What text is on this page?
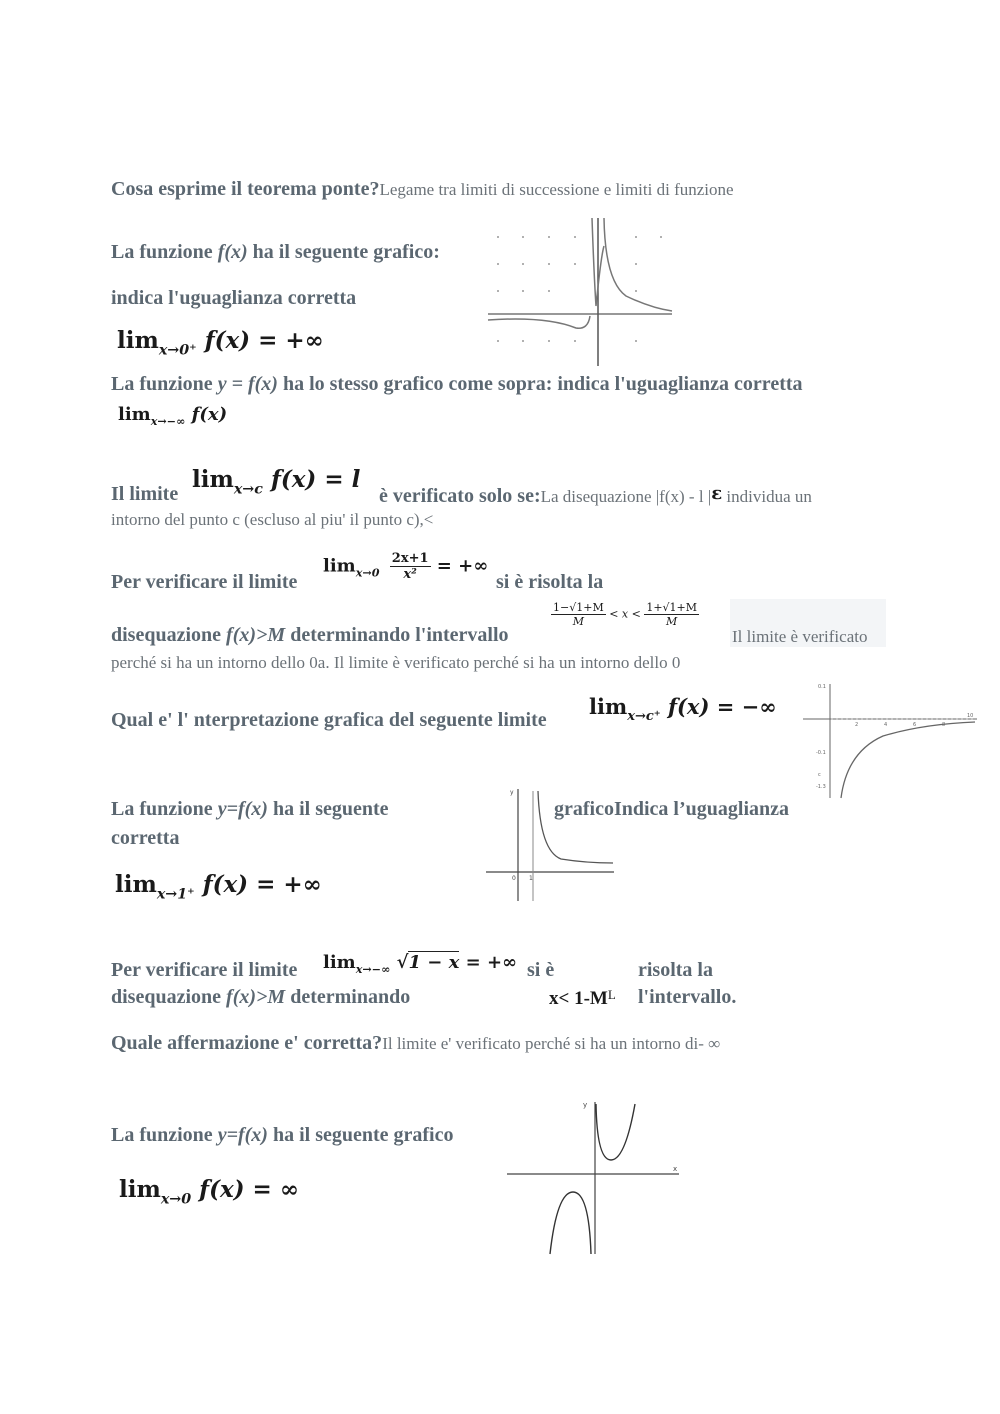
Cosa esprime il teorema ponte?Legame tra limiti di successione e limiti di funzione
La funzione f(x) ha il seguente grafico:
indica l'uguaglianza corretta
$\lim_{x\to 0^+} f(x)$ = +∞
La funzione y = f(x) ha lo stesso grafico come sopra: indica l'uguaglianza corretta
$\lim_{x\to-\infty} f(x)$
Il limite
$\lim_{x\to c} f(x) = l$
è verificato solo se:La disequazione |f(x) - l |ε individua un
intorno del punto c (escluso al piu' il punto c),<
Per verificare il limite
$\lim_{x\to 0} \frac{2x+1}{\text{x²}}$ = +∞
si è risolta la
disequazione f(x)>M determinando l'intervallo
$\frac{1-√1+M}{M} < x < \frac{1+√1+M}{M}$
Il limite è verificato
perché si ha un intorno dello 0a. Il limite è verificato perché si ha un intorno dello 0
Qual e' l' nterpretazione grafica del seguente limite
$\lim_{x\to c^+} f(x)$ = −∞
0.1
-0.1
c
-1.3
2	4	6	8
10
La funzione y=f(x) ha il seguente	graficoIndica l’uguaglianza
corretta
$\lim_{x\to 1^+} f(x)$ = +∞
y
0 1
Per verificare il limite $\lim_{x\to-\infty} √1 - x$ = +∞ si è	risolta la
disequazione f(x)>M determinando	$x< 1-M^L$ l'intervallo.
Quale affermazione e' corretta?Il limite e' verificato perché si ha un intorno di- ∞
La funzione y=f(x) ha il seguente grafico
$\lim_{x\to 0} f(x)$ = ∞
y
x
